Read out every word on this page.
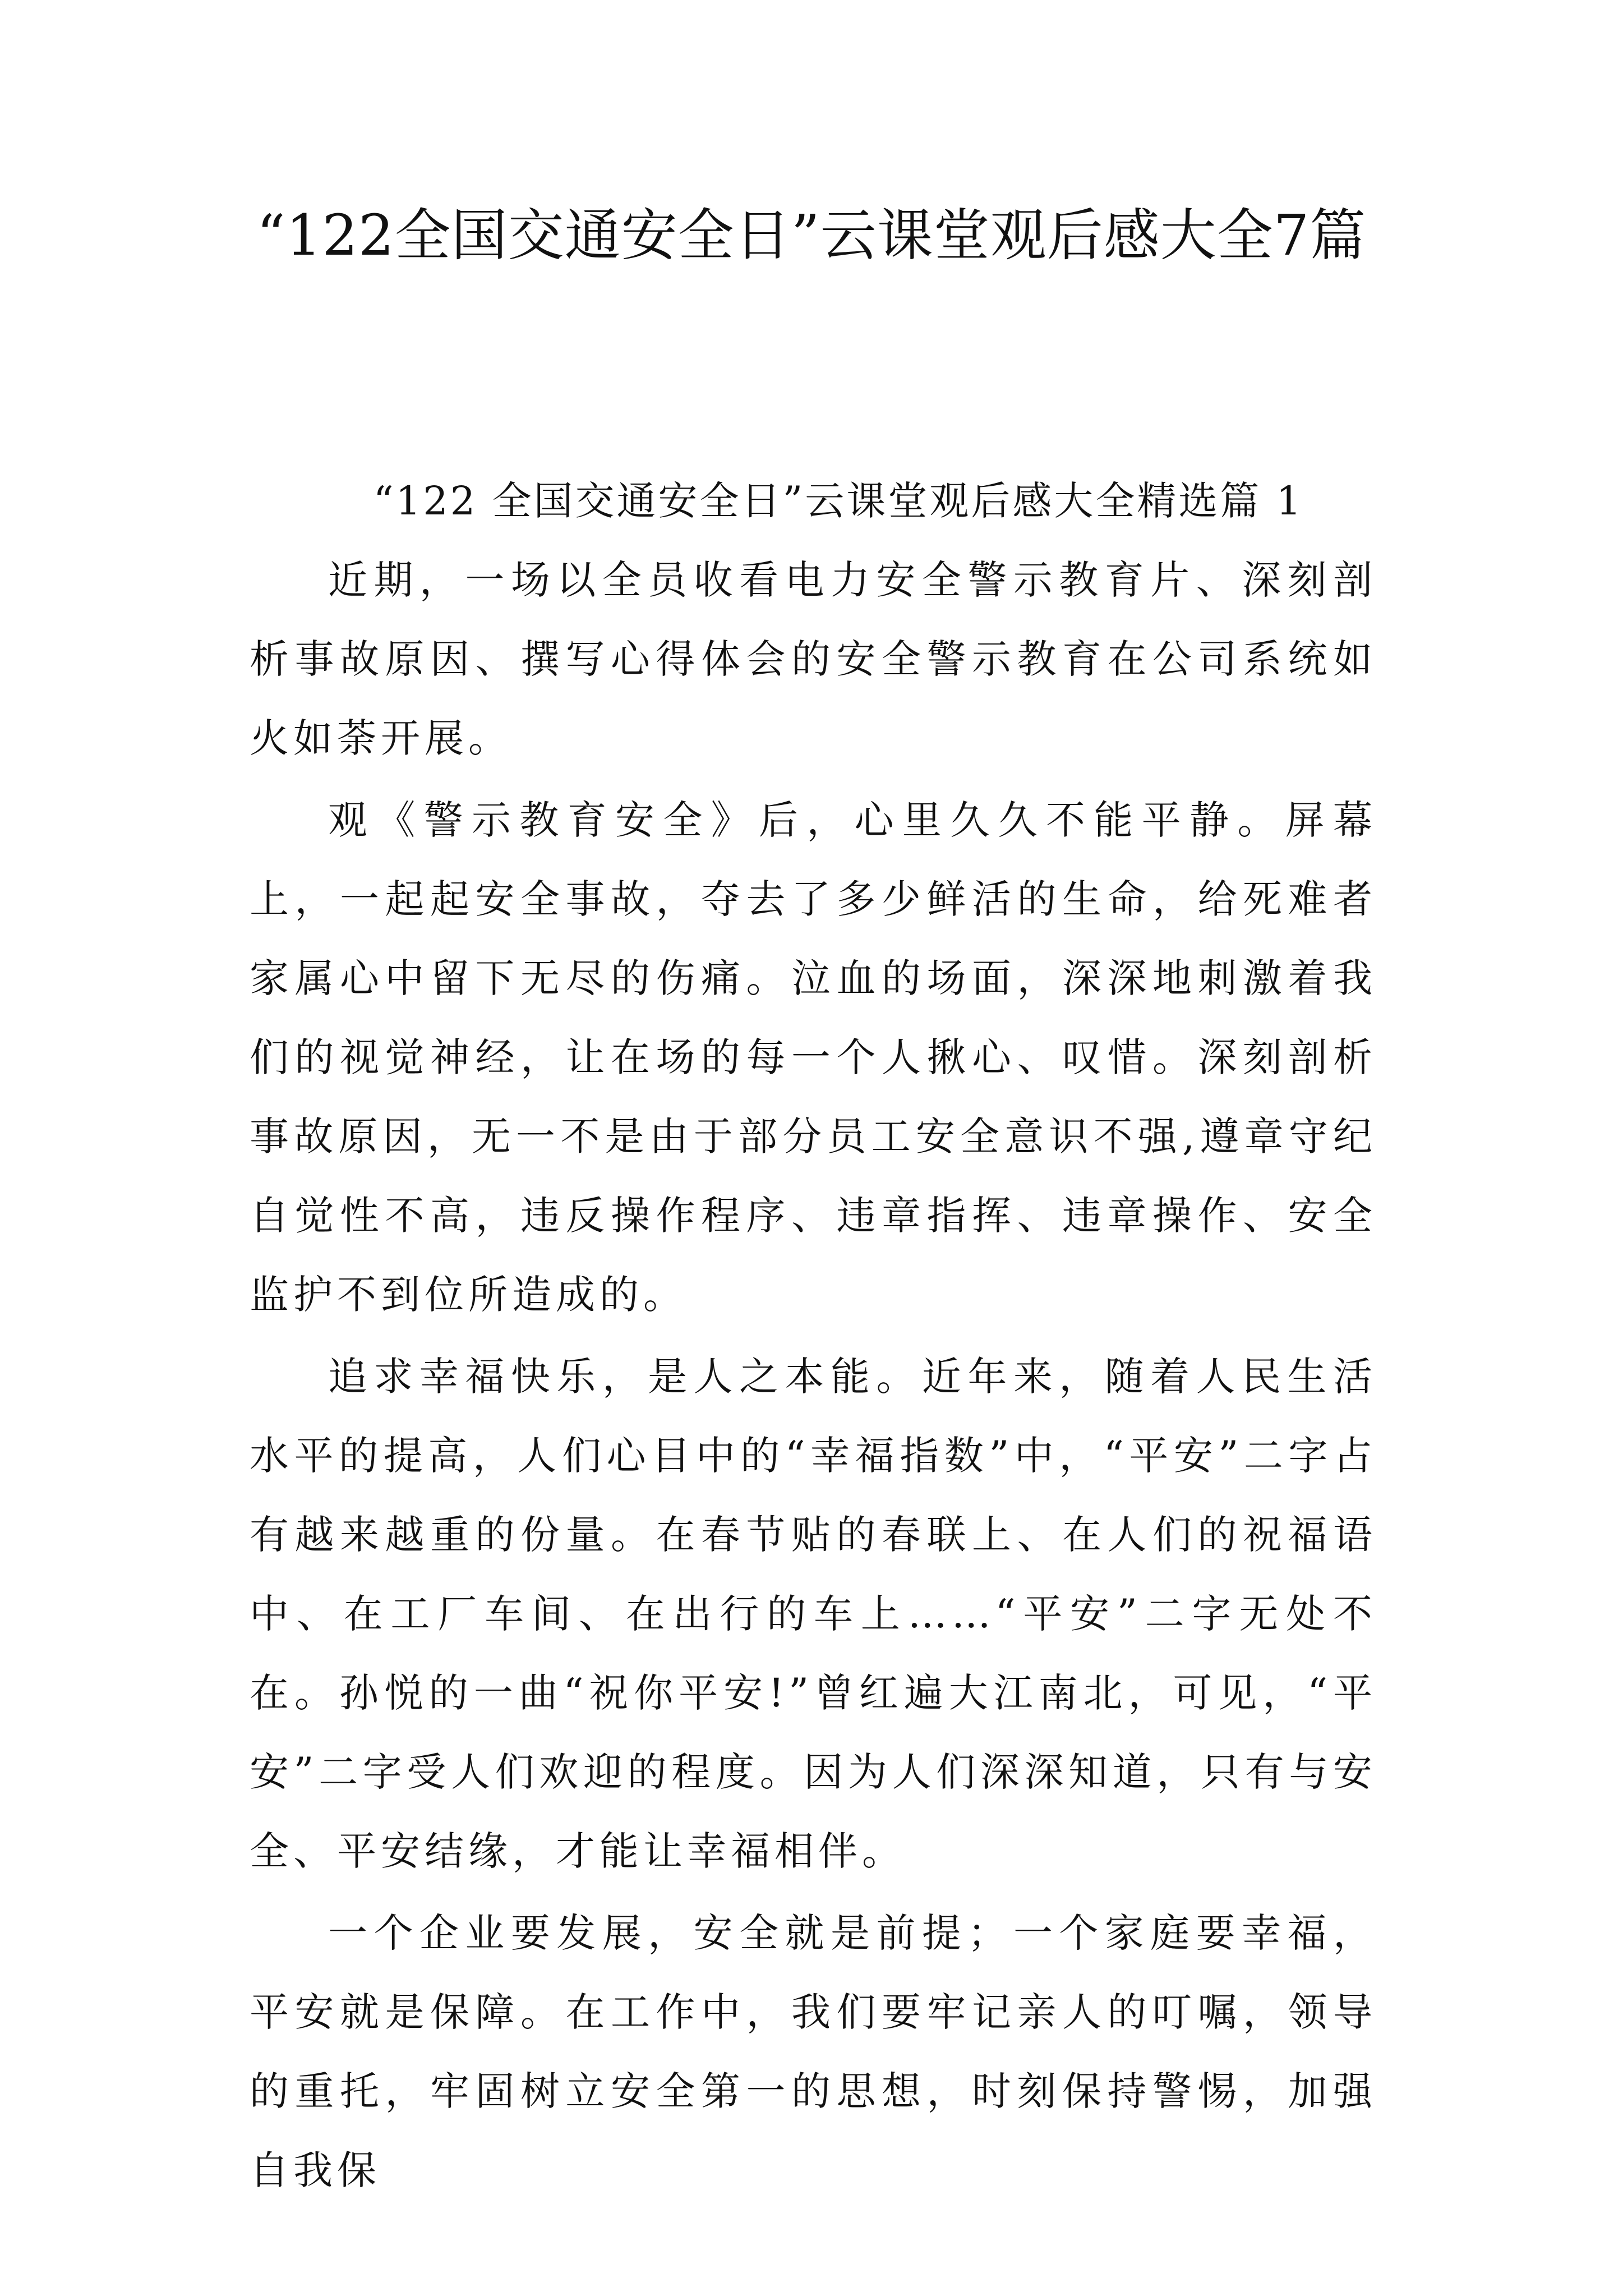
“122全国交通安全日”云课堂观后感大全7篇

“122 全国交通安全日”云课堂观后感大全精选篇 1

近期，一场以全员收看电力安全警示教育片、深刻剖析事故原因、撰写心得体会的安全警示教育在公司系统如火如荼开展。

观《警示教育安全》后，心里久久不能平静。屏幕上，一起起安全事故，夺去了多少鲜活的生命，给死难者家属心中留下无尽的伤痛。泣血的场面，深深地刺激着我们的视觉神经，让在场的每一个人揪心、叹惜。深刻剖析事故原因，无一不是由于部分员工安全意识不强,遵章守纪自觉性不高，违反操作程序、违章指挥、违章操作、安全监护不到位所造成的。

追求幸福快乐，是人之本能。近年来，随着人民生活水平的提高，人们心目中的“幸福指数”中，“平安”二字占有越来越重的份量。在春节贴的春联上、在人们的祝福语中、在工厂车间、在出行的车上……“平安”二字无处不在。孙悦的一曲“祝你平安!”曾红遍大江南北，可见，“平安”二字受人们欢迎的程度。因为人们深深知道，只有与安全、平安结缘，才能让幸福相伴。

一个企业要发展，安全就是前提；一个家庭要幸福，平安就是保障。在工作中，我们要牢记亲人的叮嘱，领导的重托，牢固树立安全第一的思想，时刻保持警惕，加强自我保
